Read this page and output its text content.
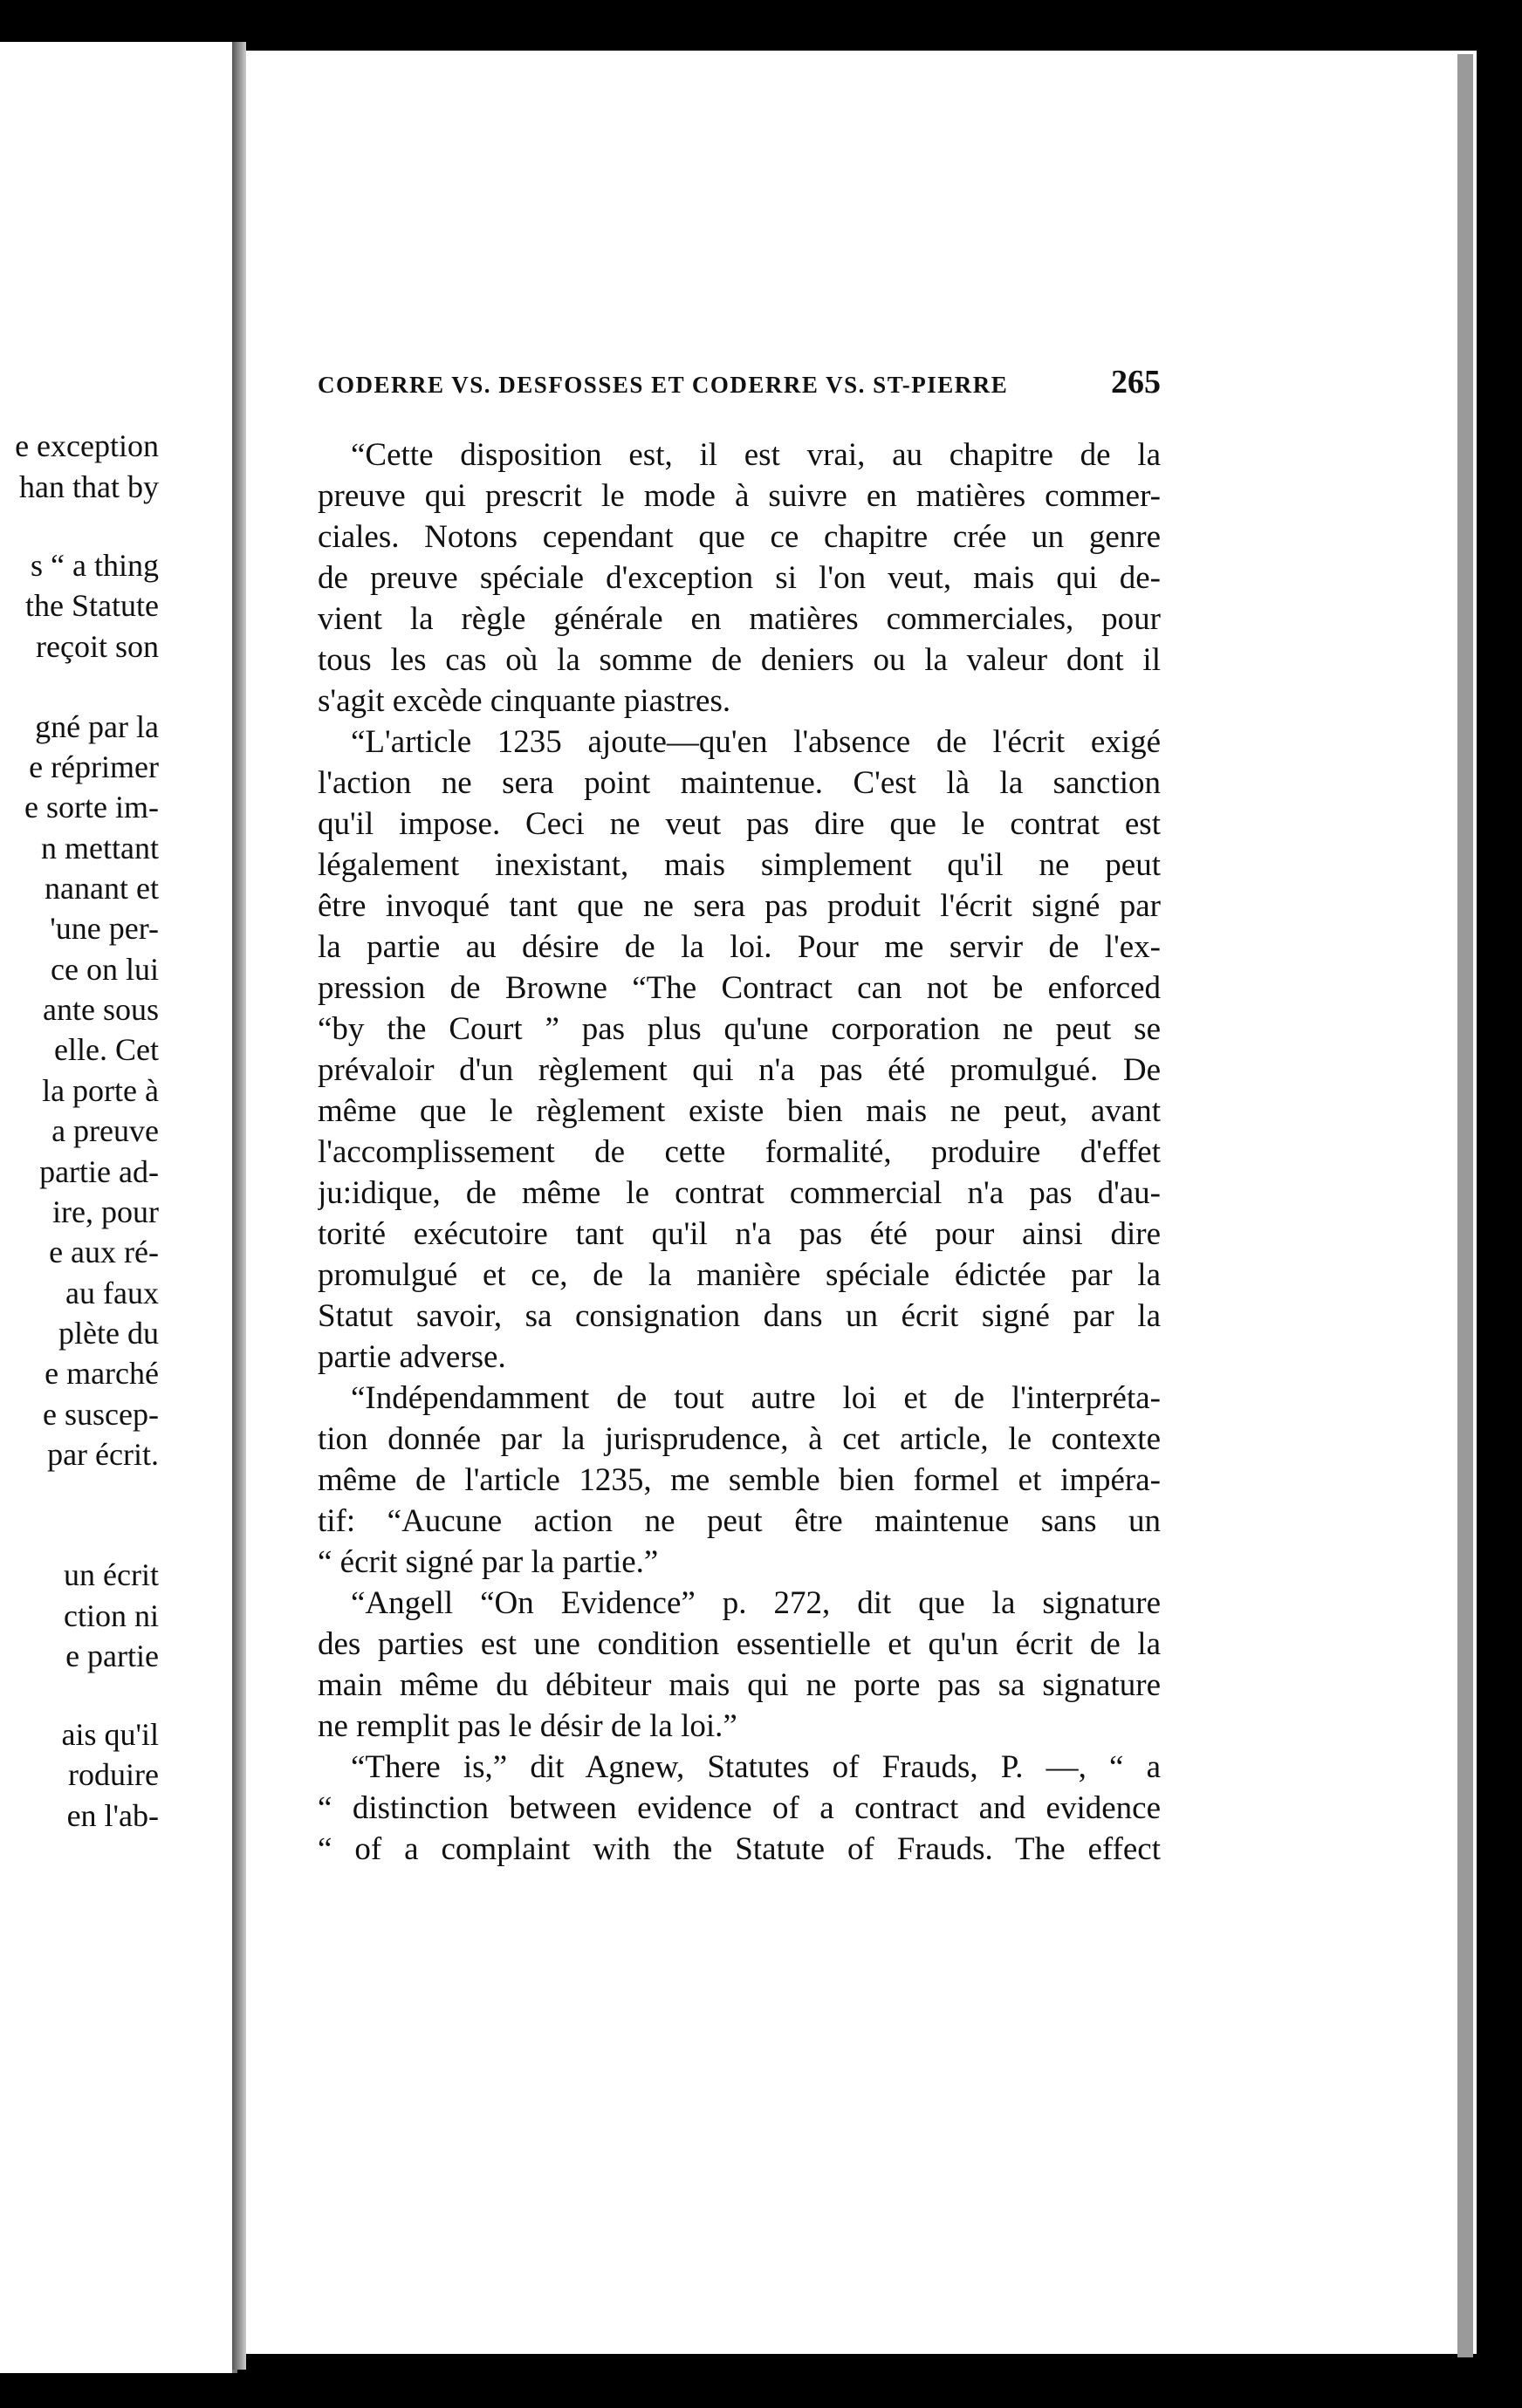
e exception
han that by
s “ a thing
the Statute
reçoit son
gné par la
e réprimer
e sorte im-
n mettant
nanant et
'une per-
ce on lui
ante sous
elle. Cet
la porte à
a preuve
partie ad-
ire, pour
e aux ré-
au faux
plète du
e marché
e suscep-
par écrit.
un écrit
ction ni
e partie
ais qu'il
roduire
en l'ab-
CODERRE VS. DESFOSSES ET CODERRE VS. ST-PIERRE	265
“Cette disposition est, il est vrai, au chapitre de la
preuve qui prescrit le mode à suivre en matières commer-
ciales. Notons cependant que ce chapitre crée un genre
de preuve spéciale d'exception si l'on veut, mais qui de-
vient la règle générale en matières commerciales, pour
tous les cas où la somme de deniers ou la valeur dont il
s'agit excède cinquante piastres.
“L'article 1235 ajoute—qu'en l'absence de l'écrit exigé
l'action ne sera point maintenue. C'est là la sanction
qu'il impose. Ceci ne veut pas dire que le contrat est
légalement inexistant, mais simplement qu'il ne peut
être invoqué tant que ne sera pas produit l'écrit signé par
la partie au désire de la loi. Pour me servir de l'ex-
pression de Browne “The Contract can not be enforced
“by the Court ” pas plus qu'une corporation ne peut se
prévaloir d'un règlement qui n'a pas été promulgué. De
même que le règlement existe bien mais ne peut, avant
l'accomplissement de cette formalité, produire d'effet
ju:idique, de même le contrat commercial n'a pas d'au-
torité exécutoire tant qu'il n'a pas été pour ainsi dire
promulgué et ce, de la manière spéciale édictée par la
Statut savoir, sa consignation dans un écrit signé par la
partie adverse.
“Indépendamment de tout autre loi et de l'interpréta-
tion donnée par la jurisprudence, à cet article, le contexte
même de l'article 1235, me semble bien formel et impéra-
tif: “Aucune action ne peut être maintenue sans un
“ écrit signé par la partie.”
“Angell “On Evidence” p. 272, dit que la signature
des parties est une condition essentielle et qu'un écrit de la
main même du débiteur mais qui ne porte pas sa signature
ne remplit pas le désir de la loi.”
“There is,” dit Agnew, Statutes of Frauds, P. —, “ a
“ distinction between evidence of a contract and evidence
“ of a complaint with the Statute of Frauds. The effect
